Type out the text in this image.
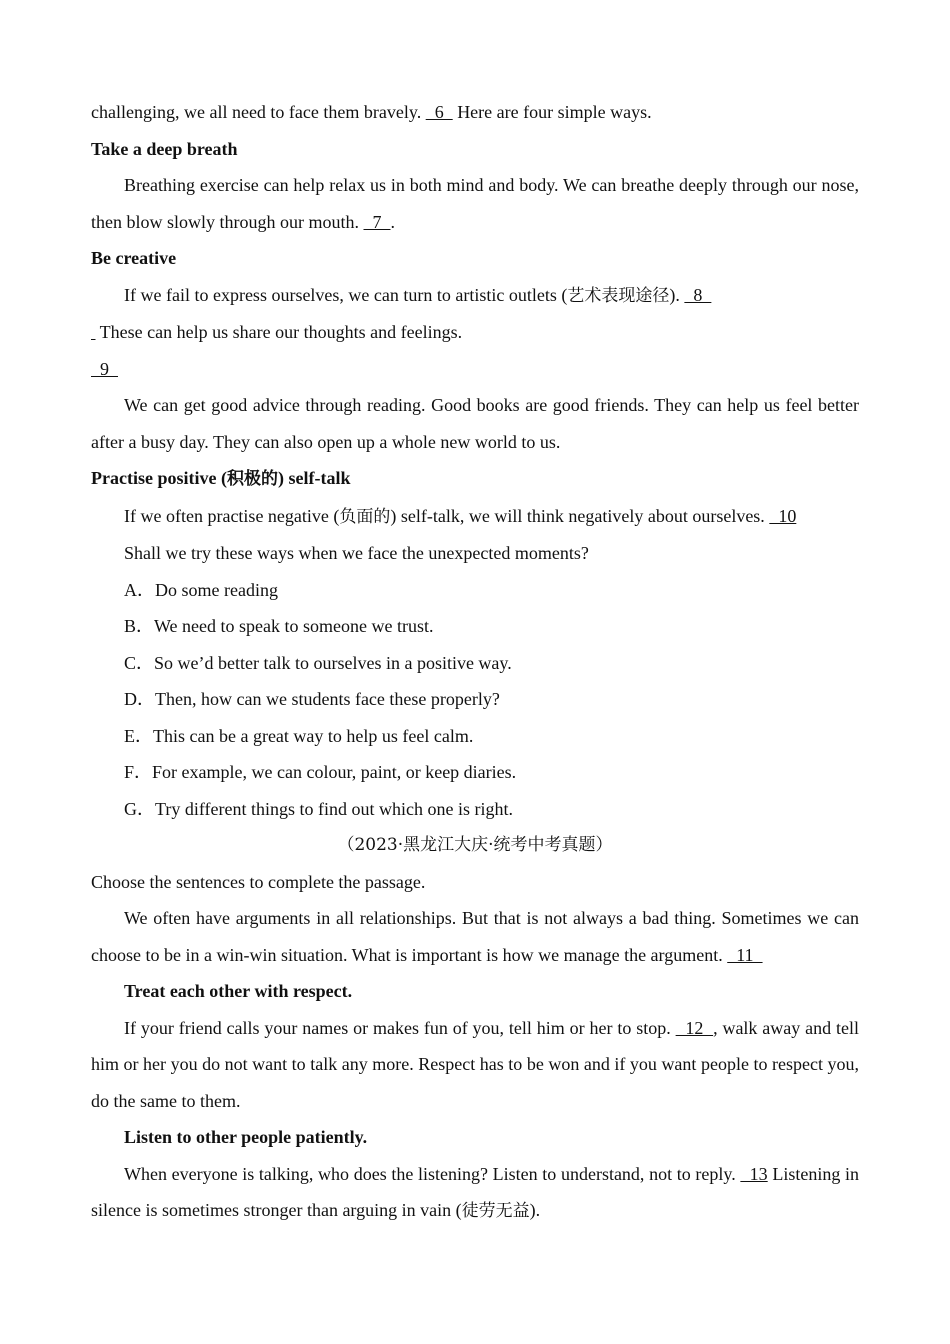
challenging, we all need to face them bravely.   6   Here are four simple ways.

Take a deep breath

Breathing exercise can help relax us in both mind and body. We can breathe deeply through our nose, then blow slowly through our mouth.   7  .

Be creative

If we fail to express ourselves, we can turn to artistic outlets (艺术表现途径).   8

These can help us share our thoughts and feelings.

9

We can get good advice through reading. Good books are good friends. They can help us feel better after a busy day. They can also open up a whole new world to us.

Practise positive (积极的) self-talk

If we often practise negative (负面的) self-talk, we will think negatively about ourselves.   10

Shall we try these ways when we face the unexpected moments?

A．Do some reading

B．We need to speak to someone we trust.

C．So we’d better talk to ourselves in a positive way.

D．Then, how can we students face these properly?

E．This can be a great way to help us feel calm.

F．For example, we can colour, paint, or keep diaries.

G．Try different things to find out which one is right.

（2023·黑龙江大庆·统考中考真题）

Choose the sentences to complete the passage.

We often have arguments in all relationships. But that is not always a bad thing. Sometimes we can choose to be in a win-win situation. What is important is how we manage the argument.   11

Treat each other with respect.

If your friend calls your names or makes fun of you, tell him or her to stop.   12  , walk away and tell him or her you do not want to talk any more. Respect has to be won and if you want people to respect you, do the same to them.

Listen to other people patiently.

When everyone is talking, who does the listening? Listen to understand, not to reply.   13 Listening in silence is sometimes stronger than arguing in vain (徒劳无益).
